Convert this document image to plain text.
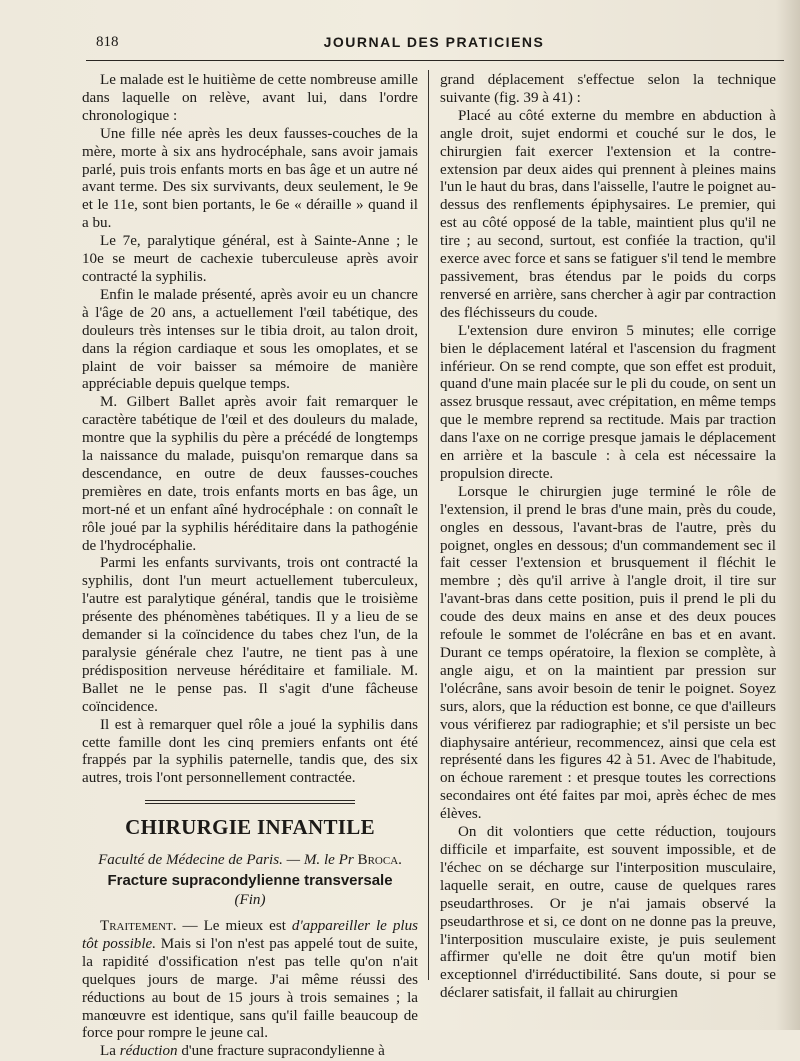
818	JOURNAL DES PRATICIENS

Le malade est le huitième de cette nombreuse amille dans laquelle on relève, avant lui, dans l'ordre chronologique :

Une fille née après les deux fausses-couches de la mère, morte à six ans hydrocéphale, sans avoir jamais parlé, puis trois enfants morts en bas âge et un autre né avant terme. Des six survivants, deux seulement, le 9e et le 11e, sont bien portants, le 6e « déraille » quand il a bu.

Le 7e, paralytique général, est à Sainte-Anne ; le 10e se meurt de cachexie tuberculeuse après avoir contracté la syphilis.

Enfin le malade présenté, après avoir eu un chancre à l'âge de 20 ans, a actuellement l'œil tabétique, des douleurs très intenses sur le tibia droit, au talon droit, dans la région cardiaque et sous les omoplates, et se plaint de voir baisser sa mémoire de manière appréciable depuis quelque temps.

M. Gilbert Ballet après avoir fait remarquer le caractère tabétique de l'œil et des douleurs du malade, montre que la syphilis du père a précédé de longtemps la naissance du malade, puisqu'on remarque dans sa descendance, en outre de deux fausses-couches premières en date, trois enfants morts en bas âge, un mort-né et un enfant aîné hydrocéphale : on connaît le rôle joué par la syphilis héréditaire dans la pathogénie de l'hydrocéphalie.

Parmi les enfants survivants, trois ont contracté la syphilis, dont l'un meurt actuellement tuberculeux, l'autre est paralytique général, tandis que le troisième présente des phénomènes tabétiques. Il y a lieu de se demander si la coïncidence du tabes chez l'un, de la paralysie générale chez l'autre, ne tient pas à une prédisposition nerveuse héréditaire et familiale. M. Ballet ne le pense pas. Il s'agit d'une fâcheuse coïncidence.

Il est à remarquer quel rôle a joué la syphilis dans cette famille dont les cinq premiers enfants ont été frappés par la syphilis paternelle, tandis que, des six autres, trois l'ont personnellement contractée.

CHIRURGIE INFANTILE
Faculté de Médecine de Paris. — M. le Pr Broca.
Fracture supracondylienne transversale
(Fin)

Traitement. — Le mieux est d'appareiller le plus tôt possible. Mais si l'on n'est pas appelé tout de suite, la rapidité d'ossification n'est pas telle qu'on n'ait quelques jours de marge. J'ai même réussi des réductions au bout de 15 jours à trois semaines ; la manœuvre est identique, sans qu'il faille beaucoup de force pour rompre le jeune cal.

La réduction d'une fracture supracondylienne à

grand déplacement s'effectue selon la technique suivante (fig. 39 à 41) :

Placé au côté externe du membre en abduction à angle droit, sujet endormi et couché sur le dos, le chirurgien fait exercer l'extension et la contre-extension par deux aides qui prennent à pleines mains l'un le haut du bras, dans l'aisselle, l'autre le poignet au-dessus des renflements épiphysaires. Le premier, qui est au côté opposé de la table, maintient plus qu'il ne tire ; au second, surtout, est confiée la traction, qu'il exerce avec force et sans se fatiguer s'il tend le membre passivement, bras étendus par le poids du corps renversé en arrière, sans chercher à agir par contraction des fléchisseurs du coude.

L'extension dure environ 5 minutes; elle corrige bien le déplacement latéral et l'ascension du fragment inférieur. On se rend compte, que son effet est produit, quand d'une main placée sur le pli du coude, on sent un assez brusque ressaut, avec crépitation, en même temps que le membre reprend sa rectitude. Mais par traction dans l'axe on ne corrige presque jamais le déplacement en arrière et la bascule : à cela est nécessaire la propulsion directe.

Lorsque le chirurgien juge terminé le rôle de l'extension, il prend le bras d'une main, près du coude, ongles en dessous, l'avant-bras de l'autre, près du poignet, ongles en dessous; d'un commandement sec il fait cesser l'extension et brusquement il fléchit le membre ; dès qu'il arrive à l'angle droit, il tire sur l'avant-bras dans cette position, puis il prend le pli du coude des deux mains en anse et des deux pouces refoule le sommet de l'olécrâne en bas et en avant. Durant ce temps opératoire, la flexion se complète, à angle aigu, et on la maintient par pression sur l'olécrâne, sans avoir besoin de tenir le poignet. Soyez surs, alors, que la réduction est bonne, ce que d'ailleurs vous vérifierez par radiographie; et s'il persiste un bec diaphysaire antérieur, recommencez, ainsi que cela est représenté dans les figures 42 à 51. Avec de l'habitude, on échoue rarement : et presque toutes les corrections secondaires ont été faites par moi, après échec de mes élèves.

On dit volontiers que cette réduction, toujours difficile et imparfaite, est souvent impossible, et de l'échec on se décharge sur l'interposition musculaire, laquelle serait, en outre, cause de quelques rares pseudarthroses. Or je n'ai jamais observé la pseudarthrose et si, ce dont on ne donne pas la preuve, l'interposition musculaire existe, je puis seulement affirmer qu'elle ne doit être qu'un motif bien exceptionnel d'irréductibilité. Sans doute, si pour se déclarer satisfait, il fallait au chirurgien
